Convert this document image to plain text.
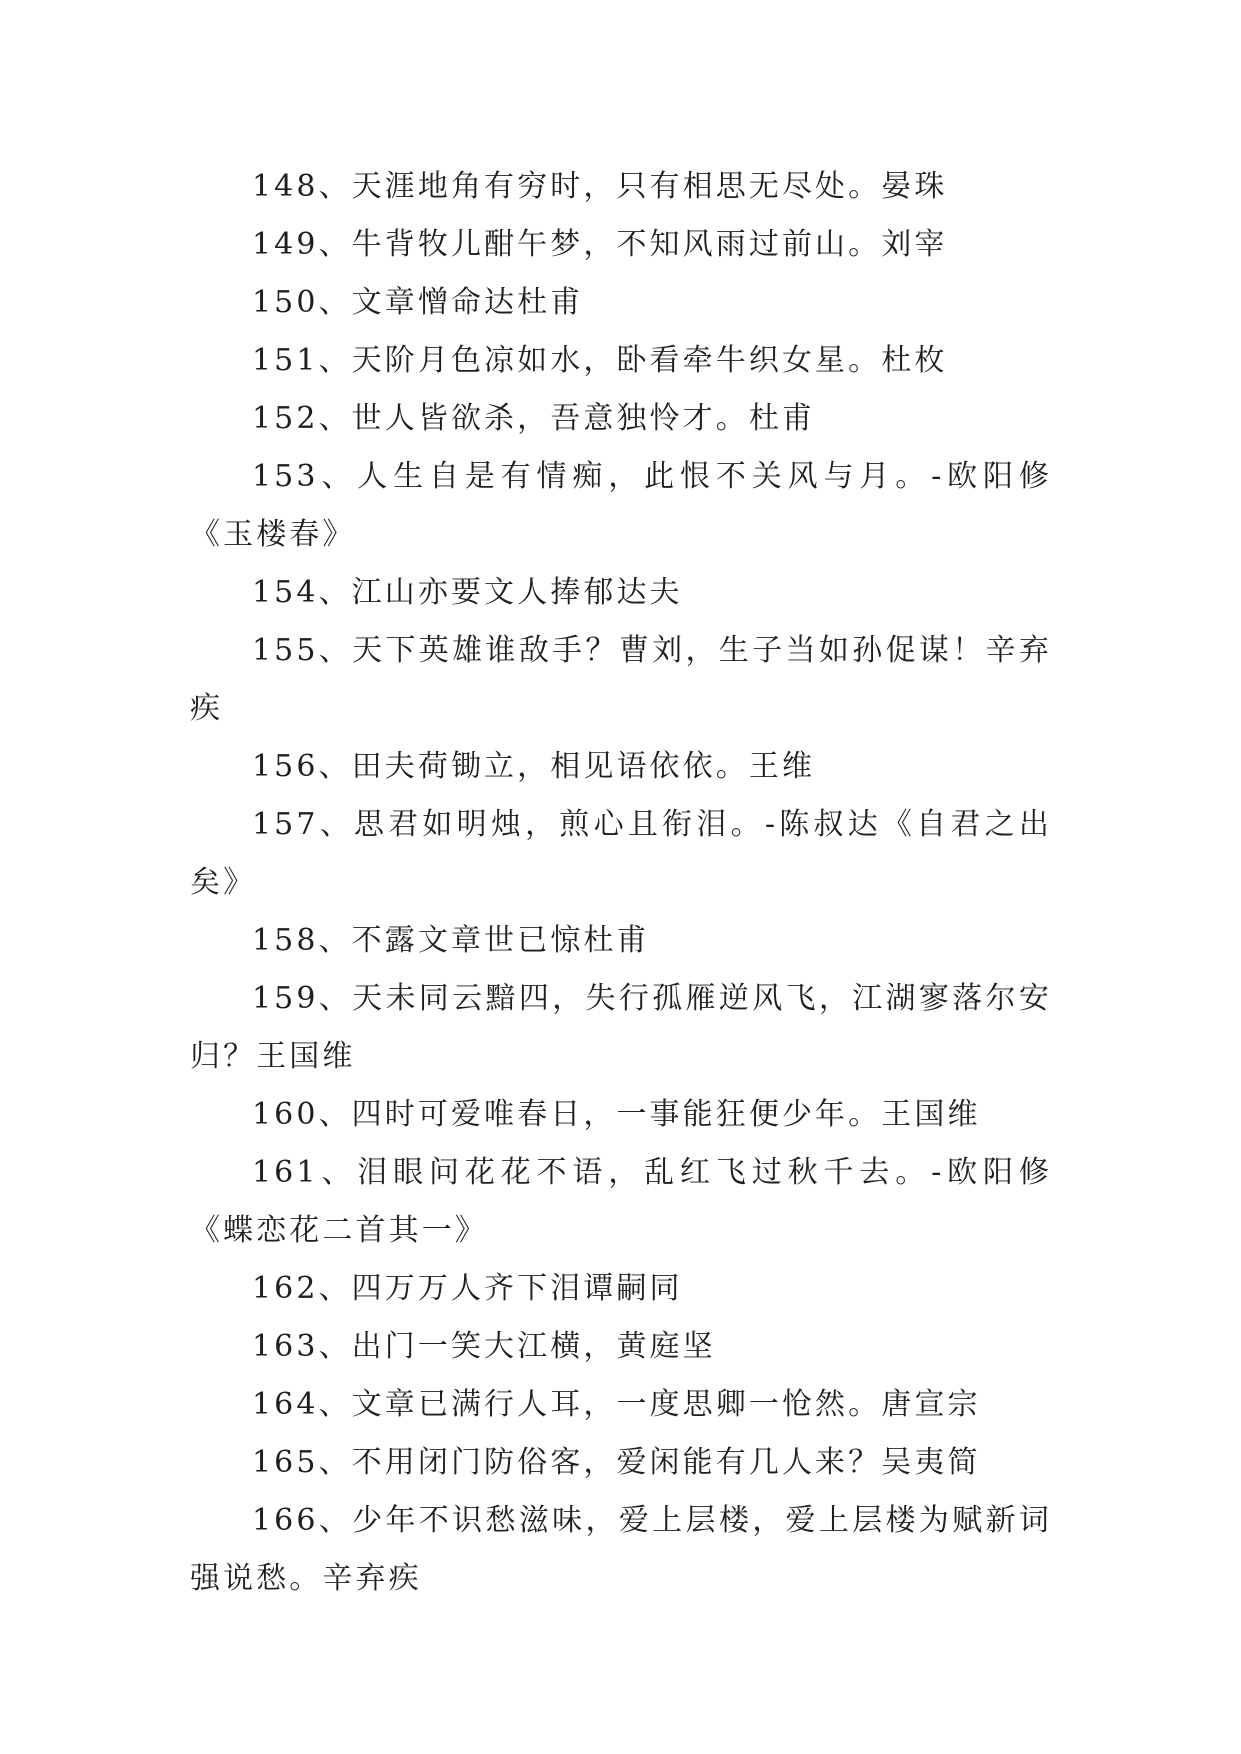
148、天涯地角有穷时，只有相思无尽处。晏珠

149、牛背牧儿酣午梦，不知风雨过前山。刘宰

150、文章憎命达杜甫

151、天阶月色凉如水，卧看牵牛织女星。杜枚

152、世人皆欲杀，吾意独怜才。杜甫

153、人生自是有情痴，此恨不关风与月。-欧阳修《玉楼春》

154、江山亦要文人捧郁达夫

155、天下英雄谁敌手？曹刘，生子当如孙促谋！辛弃疾

156、田夫荷锄立，相见语依依。王维

157、思君如明烛，煎心且衔泪。-陈叔达《自君之出矣》

158、不露文章世已惊杜甫

159、天未同云黯四，失行孤雁逆风飞，江湖寥落尔安归？王国维

160、四时可爱唯春日，一事能狂便少年。王国维

161、泪眼问花花不语，乱红飞过秋千去。-欧阳修《蝶恋花二首其一》

162、四万万人齐下泪谭嗣同

163、出门一笑大江横，黄庭坚

164、文章已满行人耳，一度思卿一怆然。唐宣宗

165、不用闭门防俗客，爱闲能有几人来？吴夷简

166、少年不识愁滋味，爱上层楼，爱上层楼为赋新词强说愁。辛弃疾
